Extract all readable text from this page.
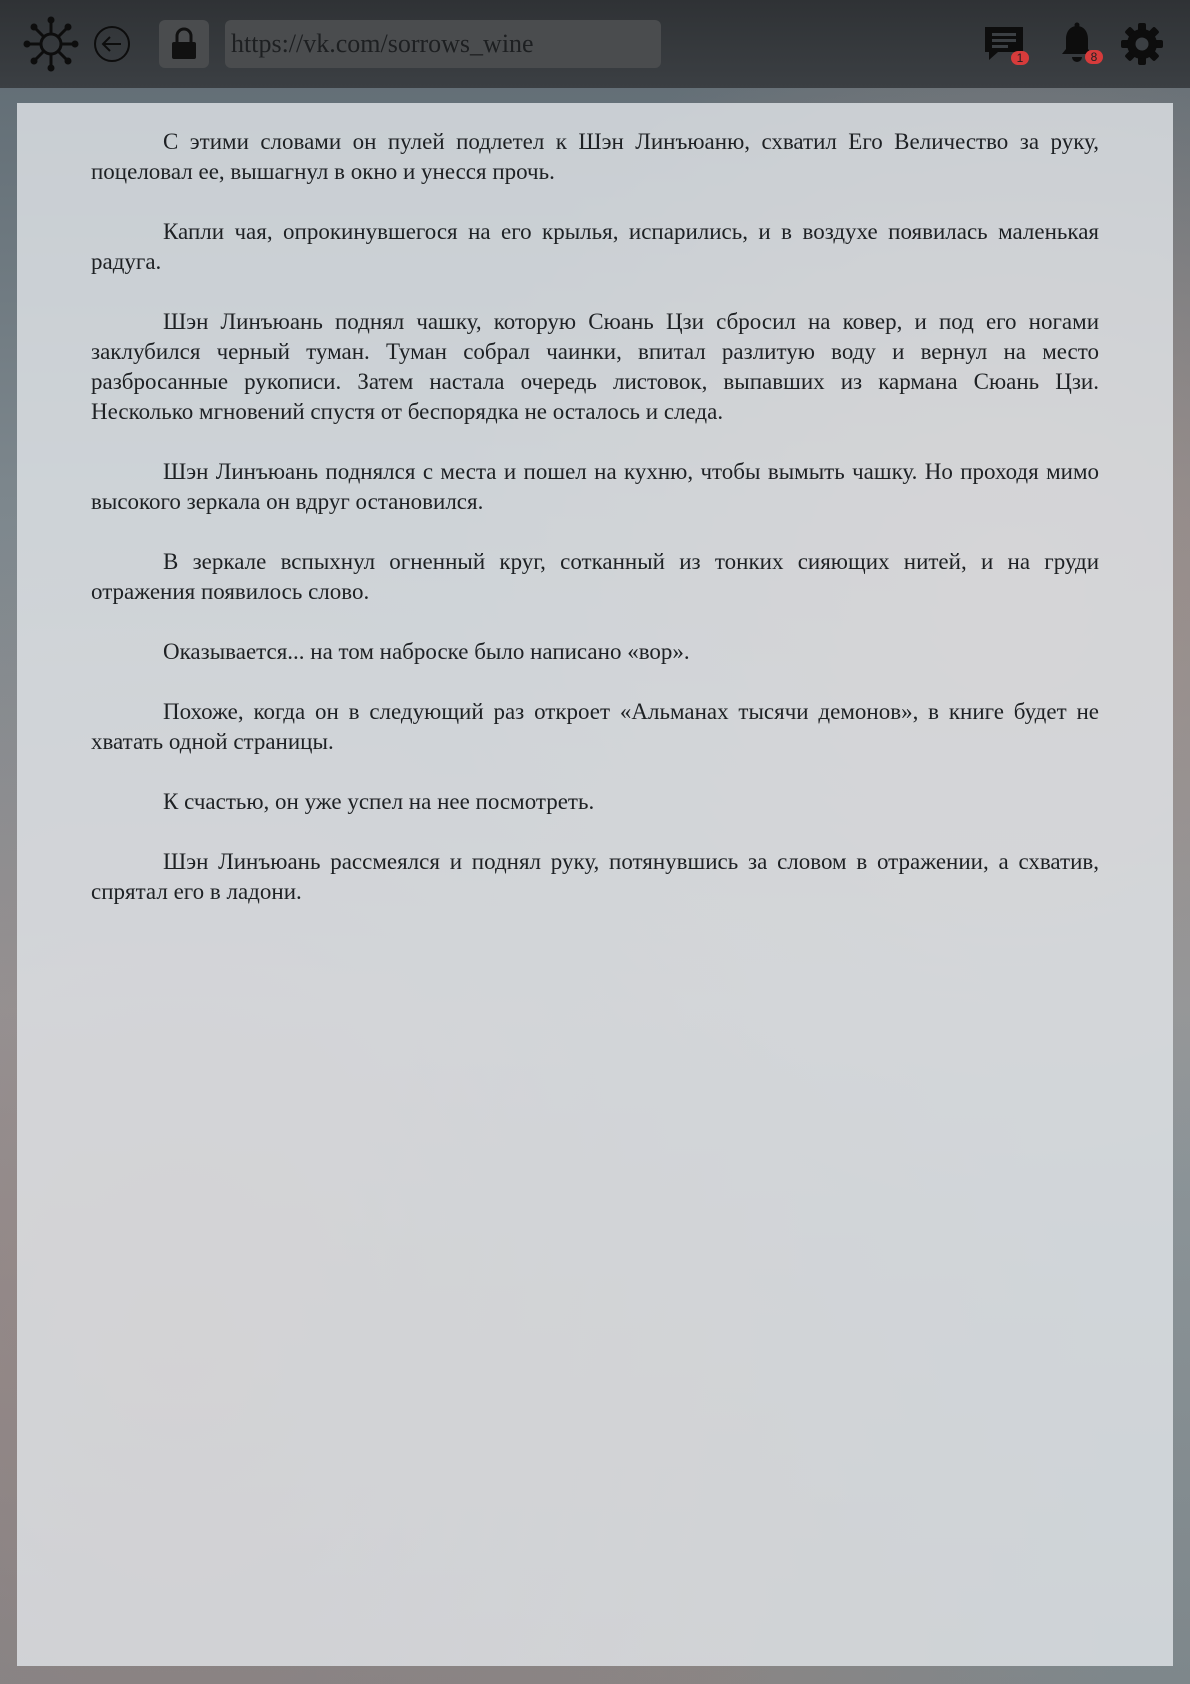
https://vk.com/sorrows_wine	1	8

С этими словами он пулей подлетел к Шэн Линъюаню, схватил Его Величество за руку, поцеловал ее, вышагнул в окно и унесся прочь.

Капли чая, опрокинувшегося на его крылья, испарились, и в воздухе появилась маленькая радуга.

Шэн Линъюань поднял чашку, которую Сюань Цзи сбросил на ковер, и под его ногами заклубился черный туман. Туман собрал чаинки, впитал разлитую воду и вернул на место разбросанные рукописи. Затем настала очередь листовок, выпавших из кармана Сюань Цзи. Несколько мгновений спустя от беспорядка не осталось и следа.

Шэн Линъюань поднялся с места и пошел на кухню, чтобы вымыть чашку. Но проходя мимо высокого зеркала он вдруг остановился.

В зеркале вспыхнул огненный круг, сотканный из тонких сияющих нитей, и на груди отражения появилось слово.

Оказывается... на том наброске было написано «вор».

Похоже, когда он в следующий раз откроет «Альманах тысячи демонов», в книге будет не хватать одной страницы.

К счастью, он уже успел на нее посмотреть.

Шэн Линъюань рассмеялся и поднял руку, потянувшись за словом в отражении, а схватив, спрятал его в ладони.
